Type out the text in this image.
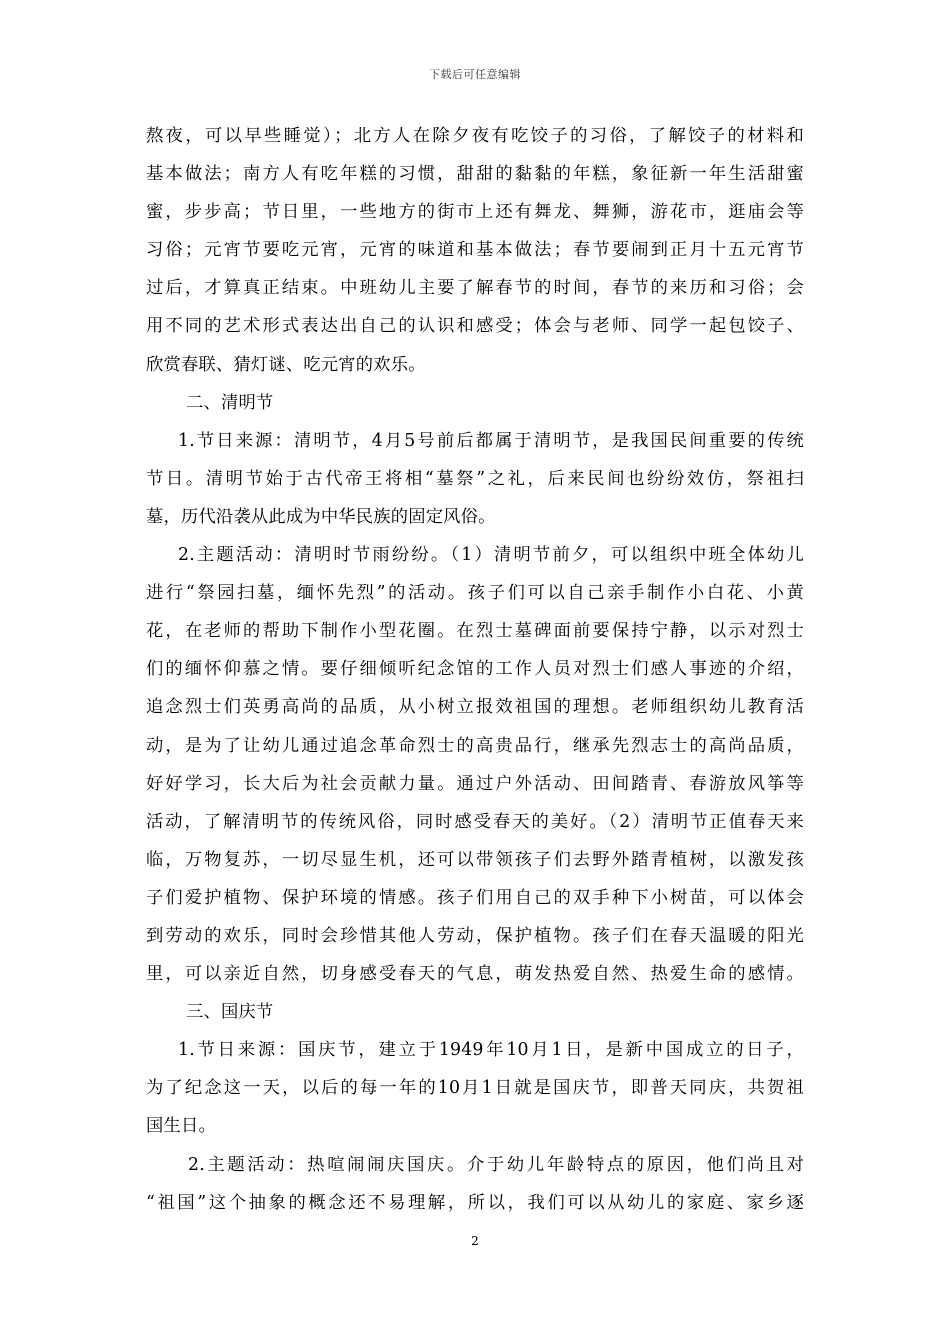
下载后可任意编辑
熬夜，可以早些睡觉）；北方人在除夕夜有吃饺子的习俗，了解饺子的材料和
基本做法；南方人有吃年糕的习惯，甜甜的黏黏的年糕，象征新一年生活甜蜜
蜜，步步高；节日里，一些地方的街市上还有舞龙、舞狮，游花市，逛庙会等
习俗；元宵节要吃元宵，元宵的味道和基本做法；春节要闹到正月十五元宵节
过后，才算真正结束。中班幼儿主要了解春节的时间，春节的来历和习俗；会
用不同的艺术形式表达出自己的认识和感受；体会与老师、同学一起包饺子、
欣赏春联、猜灯谜、吃元宵的欢乐。
二、清明节
1.节日来源：清明节，4月5号前后都属于清明节，是我国民间重要的传统
节日。清明节始于古代帝王将相“墓祭”之礼，后来民间也纷纷效仿，祭祖扫
墓，历代沿袭从此成为中华民族的固定风俗。
2.主题活动：清明时节雨纷纷。（1）清明节前夕，可以组织中班全体幼儿
进行“祭园扫墓，缅怀先烈”的活动。孩子们可以自己亲手制作小白花、小黄
花，在老师的帮助下制作小型花圈。在烈士墓碑面前要保持宁静，以示对烈士
们的缅怀仰慕之情。要仔细倾听纪念馆的工作人员对烈士们感人事迹的介绍，
追念烈士们英勇高尚的品质，从小树立报效祖国的理想。老师组织幼儿教育活
动，是为了让幼儿通过追念革命烈士的高贵品行，继承先烈志士的高尚品质，
好好学习，长大后为社会贡献力量。通过户外活动、田间踏青、春游放风筝等
活动，了解清明节的传统风俗，同时感受春天的美好。（2）清明节正值春天来
临，万物复苏，一切尽显生机，还可以带领孩子们去野外踏青植树，以激发孩
子们爱护植物、保护环境的情感。孩子们用自己的双手种下小树苗，可以体会
到劳动的欢乐，同时会珍惜其他人劳动，保护植物。孩子们在春天温暖的阳光
里，可以亲近自然，切身感受春天的气息，萌发热爱自然、热爱生命的感情。
三、国庆节
1.节日来源：国庆节，建立于1949年10月1日，是新中国成立的日子，
为了纪念这一天，以后的每一年的10月1日就是国庆节，即普天同庆，共贺祖
国生日。
2.主题活动：热喧闹闹庆国庆。介于幼儿年龄特点的原因，他们尚且对
“祖国”这个抽象的概念还不易理解，所以，我们可以从幼儿的家庭、家乡逐
2
